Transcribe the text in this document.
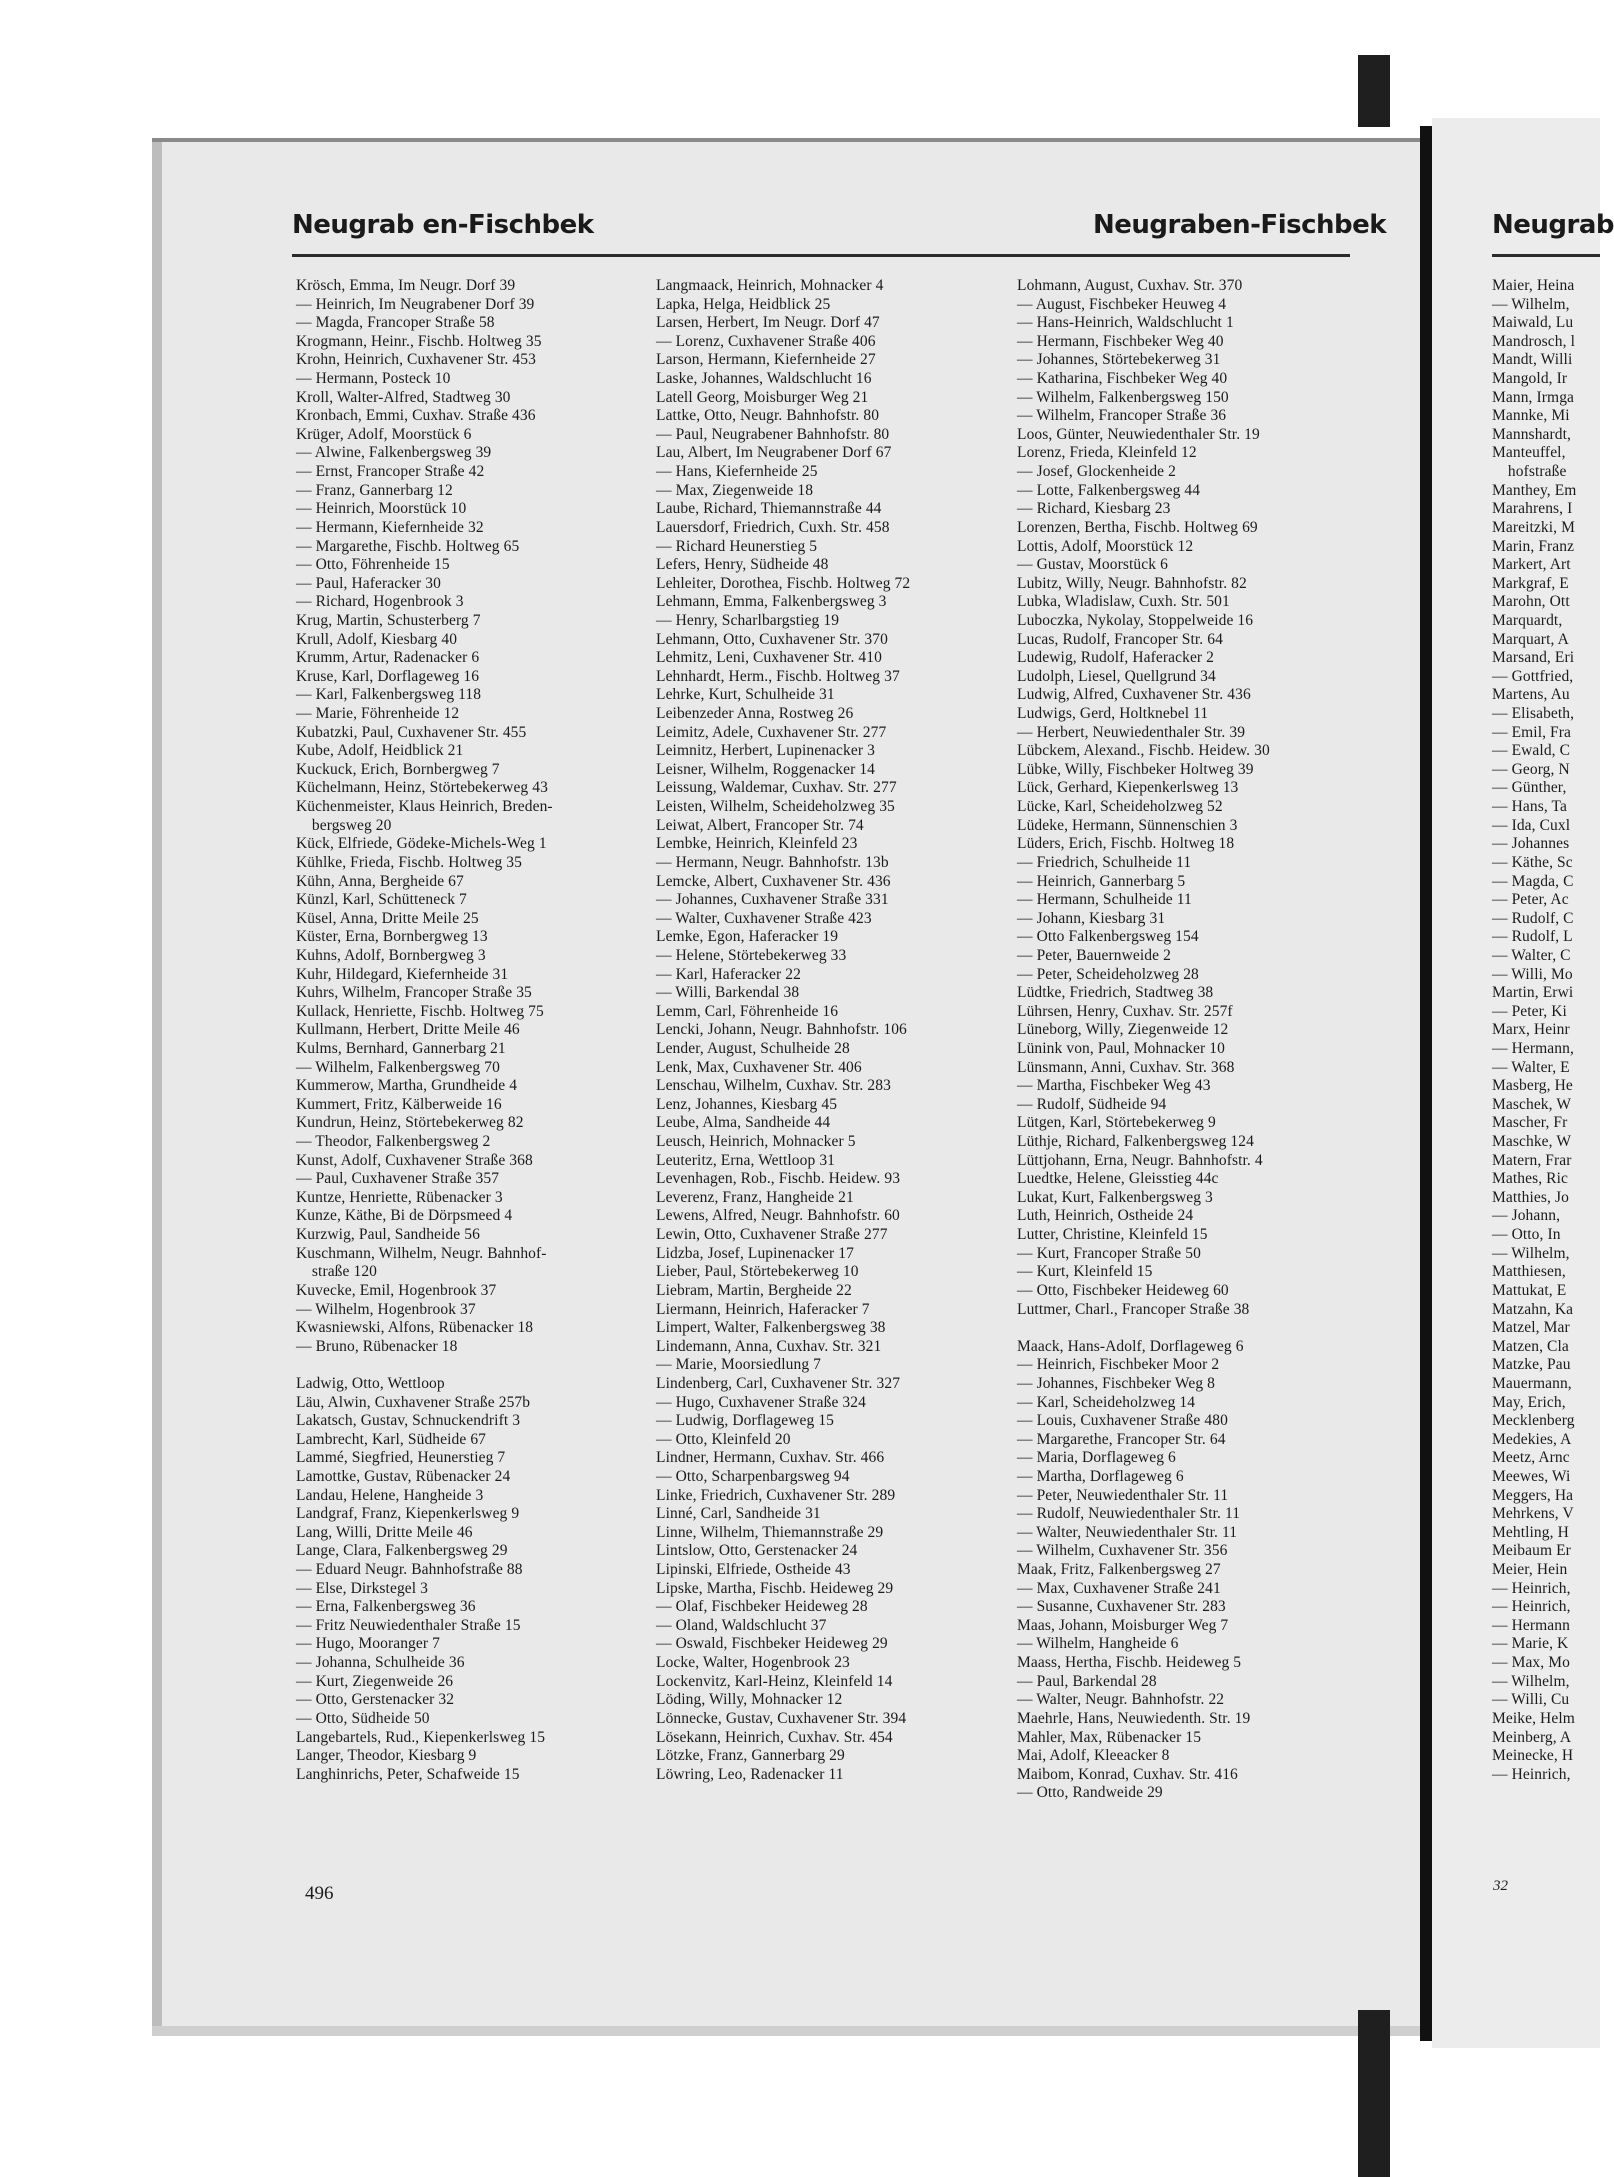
Neugrab en-Fischbek	Neugraben-Fischbek	Neugrab
Krösch, Emma, Im Neugr. Dorf 39
— Heinrich, Im Neugrabener Dorf 39
— Magda, Francoper Straße 58
Krogmann, Heinr., Fischb. Holtweg 35
Krohn, Heinrich, Cuxhavener Str. 453
— Hermann, Posteck 10
Kroll, Walter-Alfred, Stadtweg 30
Kronbach, Emmi, Cuxhav. Straße 436
Krüger, Adolf, Moorstück 6
— Alwine, Falkenbergsweg 39
— Ernst, Francoper Straße 42
— Franz, Gannerbarg 12
— Heinrich, Moorstück 10
— Hermann, Kiefernheide 32
— Margarethe, Fischb. Holtweg 65
— Otto, Föhrenheide 15
— Paul, Haferacker 30
— Richard, Hogenbrook 3
Krug, Martin, Schusterberg 7
Krull, Adolf, Kiesbarg 40
Krumm, Artur, Radenacker 6
Kruse, Karl, Dorflageweg 16
— Karl, Falkenbergsweg 118
— Marie, Föhrenheide 12
Kubatzki, Paul, Cuxhavener Str. 455
Kube, Adolf, Heidblick 21
Kuckuck, Erich, Bornbergweg 7
Küchelmann, Heinz, Störtebekerweg 43
Küchenmeister, Klaus Heinrich, Breden-
bergsweg 20
Kück, Elfriede, Gödeke-Michels-Weg 1
Kühlke, Frieda, Fischb. Holtweg 35
Kühn, Anna, Bergheide 67
Künzl, Karl, Schütteneck 7
Küsel, Anna, Dritte Meile 25
Küster, Erna, Bornbergweg 13
Kuhns, Adolf, Bornbergweg 3
Kuhr, Hildegard, Kiefernheide 31
Kuhrs, Wilhelm, Francoper Straße 35
Kullack, Henriette, Fischb. Holtweg 75
Kullmann, Herbert, Dritte Meile 46
Kulms, Bernhard, Gannerbarg 21
— Wilhelm, Falkenbergsweg 70
Kummerow, Martha, Grundheide 4
Kummert, Fritz, Kälberweide 16
Kundrun, Heinz, Störtebekerweg 82
— Theodor, Falkenbergsweg 2
Kunst, Adolf, Cuxhavener Straße 368
— Paul, Cuxhavener Straße 357
Kuntze, Henriette, Rübenacker 3
Kunze, Käthe, Bi de Dörpsmeed 4
Kurzwig, Paul, Sandheide 56
Kuschmann, Wilhelm, Neugr. Bahnhof-
straße 120
Kuvecke, Emil, Hogenbrook 37
— Wilhelm, Hogenbrook 37
Kwasniewski, Alfons, Rübenacker 18
— Bruno, Rübenacker 18
Ladwig, Otto, Wettloop
Läu, Alwin, Cuxhavener Straße 257b
Lakatsch, Gustav, Schnuckendrift 3
Lambrecht, Karl, Südheide 67
Lammé, Siegfried, Heunerstieg 7
Lamottke, Gustav, Rübenacker 24
Landau, Helene, Hangheide 3
Landgraf, Franz, Kiepenkerlsweg 9
Lang, Willi, Dritte Meile 46
Lange, Clara, Falkenbergsweg 29
— Eduard Neugr. Bahnhofstraße 88
— Else, Dirkstegel 3
— Erna, Falkenbergsweg 36
— Fritz Neuwiedenthaler Straße 15
— Hugo, Mooranger 7
— Johanna, Schulheide 36
— Kurt, Ziegenweide 26
— Otto, Gerstenacker 32
— Otto, Südheide 50
Langebartels, Rud., Kiepenkerlsweg 15
Langer, Theodor, Kiesbarg 9
Langhinrichs, Peter, Schafweide 15
Langmaack, Heinrich, Mohnacker 4
Lapka, Helga, Heidblick 25
Larsen, Herbert, Im Neugr. Dorf 47
— Lorenz, Cuxhavener Straße 406
Larson, Hermann, Kiefernheide 27
Laske, Johannes, Waldschlucht 16
Latell Georg, Moisburger Weg 21
Lattke, Otto, Neugr. Bahnhofstr. 80
— Paul, Neugrabener Bahnhofstr. 80
Lau, Albert, Im Neugrabener Dorf 67
— Hans, Kiefernheide 25
— Max, Ziegenweide 18
Laube, Richard, Thiemannstraße 44
Lauersdorf, Friedrich, Cuxh. Str. 458
— Richard Heunerstieg 5
Lefers, Henry, Südheide 48
Lehleiter, Dorothea, Fischb. Holtweg 72
Lehmann, Emma, Falkenbergsweg 3
— Henry, Scharlbargstieg 19
Lehmann, Otto, Cuxhavener Str. 370
Lehmitz, Leni, Cuxhavener Str. 410
Lehnhardt, Herm., Fischb. Holtweg 37
Lehrke, Kurt, Schulheide 31
Leibenzeder Anna, Rostweg 26
Leimitz, Adele, Cuxhavener Str. 277
Leimnitz, Herbert, Lupinenacker 3
Leisner, Wilhelm, Roggenacker 14
Leissung, Waldemar, Cuxhav. Str. 277
Leisten, Wilhelm, Scheideholzweg 35
Leiwat, Albert, Francoper Str. 74
Lembke, Heinrich, Kleinfeld 23
— Hermann, Neugr. Bahnhofstr. 13b
Lemcke, Albert, Cuxhavener Str. 436
— Johannes, Cuxhavener Straße 331
— Walter, Cuxhavener Straße 423
Lemke, Egon, Haferacker 19
— Helene, Störtebekerweg 33
— Karl, Haferacker 22
— Willi, Barkendal 38
Lemm, Carl, Föhrenheide 16
Lencki, Johann, Neugr. Bahnhofstr. 106
Lender, August, Schulheide 28
Lenk, Max, Cuxhavener Str. 406
Lenschau, Wilhelm, Cuxhav. Str. 283
Lenz, Johannes, Kiesbarg 45
Leube, Alma, Sandheide 44
Leusch, Heinrich, Mohnacker 5
Leuteritz, Erna, Wettloop 31
Levenhagen, Rob., Fischb. Heidew. 93
Leverenz, Franz, Hangheide 21
Lewens, Alfred, Neugr. Bahnhofstr. 60
Lewin, Otto, Cuxhavener Straße 277
Lidzba, Josef, Lupinenacker 17
Lieber, Paul, Störtebekerweg 10
Liebram, Martin, Bergheide 22
Liermann, Heinrich, Haferacker 7
Limpert, Walter, Falkenbergsweg 38
Lindemann, Anna, Cuxhav. Str. 321
— Marie, Moorsiedlung 7
Lindenberg, Carl, Cuxhavener Str. 327
— Hugo, Cuxhavener Straße 324
— Ludwig, Dorflageweg 15
— Otto, Kleinfeld 20
Lindner, Hermann, Cuxhav. Str. 466
— Otto, Scharpenbargsweg 94
Linke, Friedrich, Cuxhavener Str. 289
Linné, Carl, Sandheide 31
Linne, Wilhelm, Thiemannstraße 29
Lintslow, Otto, Gerstenacker 24
Lipinski, Elfriede, Ostheide 43
Lipske, Martha, Fischb. Heideweg 29
— Olaf, Fischbeker Heideweg 28
— Oland, Waldschlucht 37
— Oswald, Fischbeker Heideweg 29
Locke, Walter, Hogenbrook 23
Lockenvitz, Karl-Heinz, Kleinfeld 14
Löding, Willy, Mohnacker 12
Lönnecke, Gustav, Cuxhavener Str. 394
Lösekann, Heinrich, Cuxhav. Str. 454
Lötzke, Franz, Gannerbarg 29
Löwring, Leo, Radenacker 11
Lohmann, August, Cuxhav. Str. 370
— August, Fischbeker Heuweg 4
— Hans-Heinrich, Waldschlucht 1
— Hermann, Fischbeker Weg 40
— Johannes, Störtebekerweg 31
— Katharina, Fischbeker Weg 40
— Wilhelm, Falkenbergsweg 150
— Wilhelm, Francoper Straße 36
Loos, Günter, Neuwiedenthaler Str. 19
Lorenz, Frieda, Kleinfeld 12
— Josef, Glockenheide 2
— Lotte, Falkenbergsweg 44
— Richard, Kiesbarg 23
Lorenzen, Bertha, Fischb. Holtweg 69
Lottis, Adolf, Moorstück 12
— Gustav, Moorstück 6
Lubitz, Willy, Neugr. Bahnhofstr. 82
Lubka, Wladislaw, Cuxh. Str. 501
Luboczka, Nykolay, Stoppelweide 16
Lucas, Rudolf, Francoper Str. 64
Ludewig, Rudolf, Haferacker 2
Ludolph, Liesel, Quellgrund 34
Ludwig, Alfred, Cuxhavener Str. 436
Ludwigs, Gerd, Holtknebel 11
— Herbert, Neuwiedenthaler Str. 39
Lübckem, Alexand., Fischb. Heidew. 30
Lübke, Willy, Fischbeker Holtweg 39
Lück, Gerhard, Kiepenkerlsweg 13
Lücke, Karl, Scheideholzweg 52
Lüdeke, Hermann, Sünnenschien 3
Lüders, Erich, Fischb. Holtweg 18
— Friedrich, Schulheide 11
— Heinrich, Gannerbarg 5
— Hermann, Schulheide 11
— Johann, Kiesbarg 31
— Otto Falkenbergsweg 154
— Peter, Bauernweide 2
— Peter, Scheideholzweg 28
Lüdtke, Friedrich, Stadtweg 38
Lührsen, Henry, Cuxhav. Str. 257f
Lüneborg, Willy, Ziegenweide 12
Lünink von, Paul, Mohnacker 10
Lünsmann, Anni, Cuxhav. Str. 368
— Martha, Fischbeker Weg 43
— Rudolf, Südheide 94
Lütgen, Karl, Störtebekerweg 9
Lüthje, Richard, Falkenbergsweg 124
Lüttjohann, Erna, Neugr. Bahnhofstr. 4
Luedtke, Helene, Gleisstieg 44c
Lukat, Kurt, Falkenbergsweg 3
Luth, Heinrich, Ostheide 24
Lutter, Christine, Kleinfeld 15
— Kurt, Francoper Straße 50
— Kurt, Kleinfeld 15
— Otto, Fischbeker Heideweg 60
Luttmer, Charl., Francoper Straße 38
Maack, Hans-Adolf, Dorflageweg 6
— Heinrich, Fischbeker Moor 2
— Johannes, Fischbeker Weg 8
— Karl, Scheideholzweg 14
— Louis, Cuxhavener Straße 480
— Margarethe, Francoper Str. 64
— Maria, Dorflageweg 6
— Martha, Dorflageweg 6
— Peter, Neuwiedenthaler Str. 11
— Rudolf, Neuwiedenthaler Str. 11
— Walter, Neuwiedenthaler Str. 11
— Wilhelm, Cuxhavener Str. 356
Maak, Fritz, Falkenbergsweg 27
— Max, Cuxhavener Straße 241
— Susanne, Cuxhavener Str. 283
Maas, Johann, Moisburger Weg 7
— Wilhelm, Hangheide 6
Maass, Hertha, Fischb. Heideweg 5
— Paul, Barkendal 28
— Walter, Neugr. Bahnhofstr. 22
Maehrle, Hans, Neuwiedenth. Str. 19
Mahler, Max, Rübenacker 15
Mai, Adolf, Kleeacker 8
Maibom, Konrad, Cuxhav. Str. 416
— Otto, Randweide 29
Maier, Heina
— Wilhelm,
Maiwald, Lu
Mandrosch, l
Mandt, Willi
Mangold, Ir
Mann, Irmga
Mannke, Mi
Mannshardt,
Manteuffel,
hofstraße
Manthey, Em
Marahrens, I
Mareitzki, M
Marin, Franz
Markert, Art
Markgraf, E
Marohn, Ott
Marquardt,
Marquart, A
Marsand, Eri
— Gottfried,
Martens, Au
— Elisabeth,
— Emil, Fra
— Ewald, C
— Georg, N
— Günther,
— Hans, Ta
— Ida, Cuxl
— Johannes
— Käthe, Sc
— Magda, C
— Peter, Ac
— Rudolf, C
— Rudolf, L
— Walter, C
— Willi, Mo
Martin, Erwi
— Peter, Ki
Marx, Heinr
— Hermann,
— Walter, E
Masberg, He
Maschek, W
Mascher, Fr
Maschke, W
Matern, Frar
Mathes, Ric
Matthies, Jo
— Johann,
— Otto, In
— Wilhelm,
Matthiesen,
Mattukat, E
Matzahn, Ka
Matzel, Mar
Matzen, Cla
Matzke, Pau
Mauermann,
May, Erich,
Mecklenberg
Medekies, A
Meetz, Arnc
Meewes, Wi
Meggers, Ha
Mehrkens, V
Mehtling, H
Meibaum Er
Meier, Hein
— Heinrich,
— Heinrich,
— Hermann
— Marie, K
— Max, Mo
— Wilhelm,
— Willi, Cu
Meike, Helm
Meinberg, A
Meinecke, H
— Heinrich,
496	32
